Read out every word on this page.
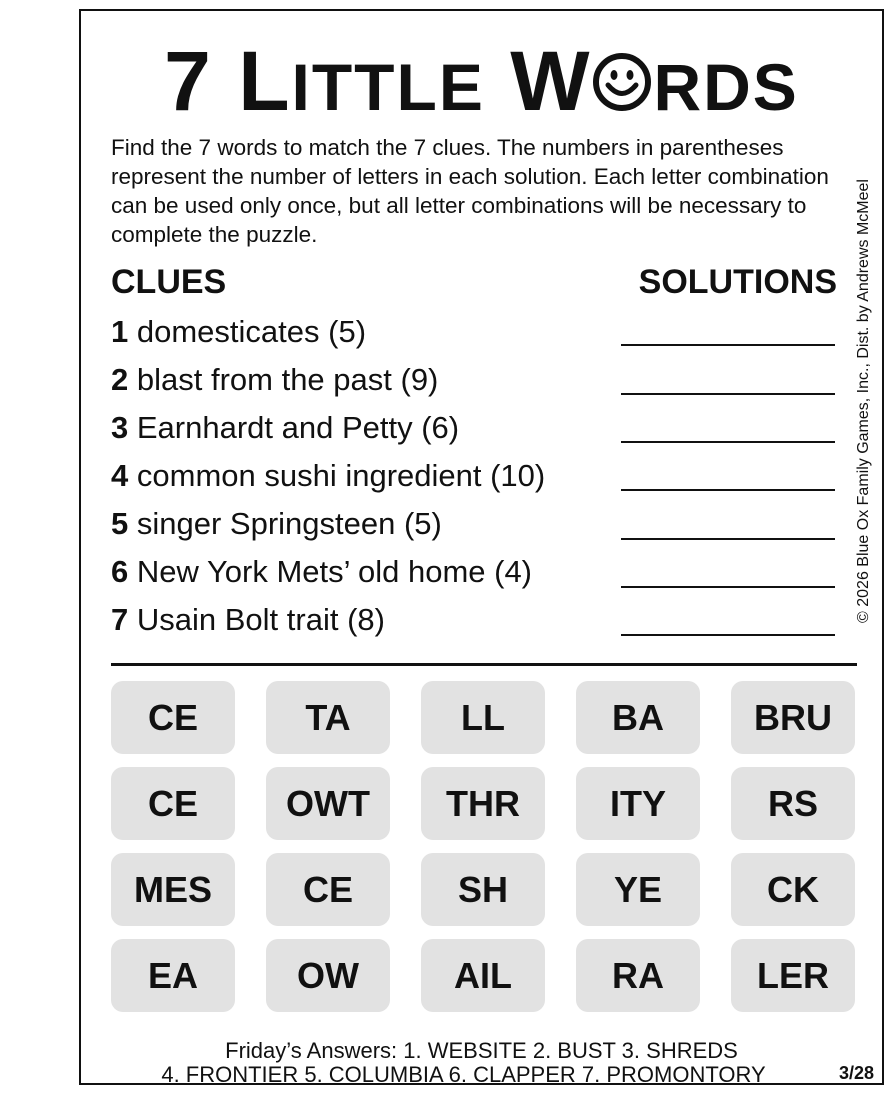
7 LITTLE W RDS
Find the 7 words to match the 7 clues. The numbers in parentheses represent the number of letters in each solution. Each letter combination can be used only once, but all letter combinations will be necessary to complete the puzzle.
CLUES	SOLUTIONS
1 domesticates (5)
2 blast from the past (9)
3 Earnhardt and Petty (6)
4 common sushi ingredient (10)
5 singer Springsteen (5)
6 New York Mets’ old home (4)
7 Usain Bolt trait (8)	© 2026 Blue Ox Family Games, Inc., Dist. by Andrews McMeel
CE	TA	LL	BA	BRU
CE	OWT	THR	ITY	RS
MES	CE	SH	YE	CK
EA	OW	AIL	RA	LER
Friday’s Answers: 1. WEBSITE 2. BUST 3. SHREDS
4. FRONTIER 5. COLUMBIA 6. CLAPPER 7. PROMONTORY	3/28
